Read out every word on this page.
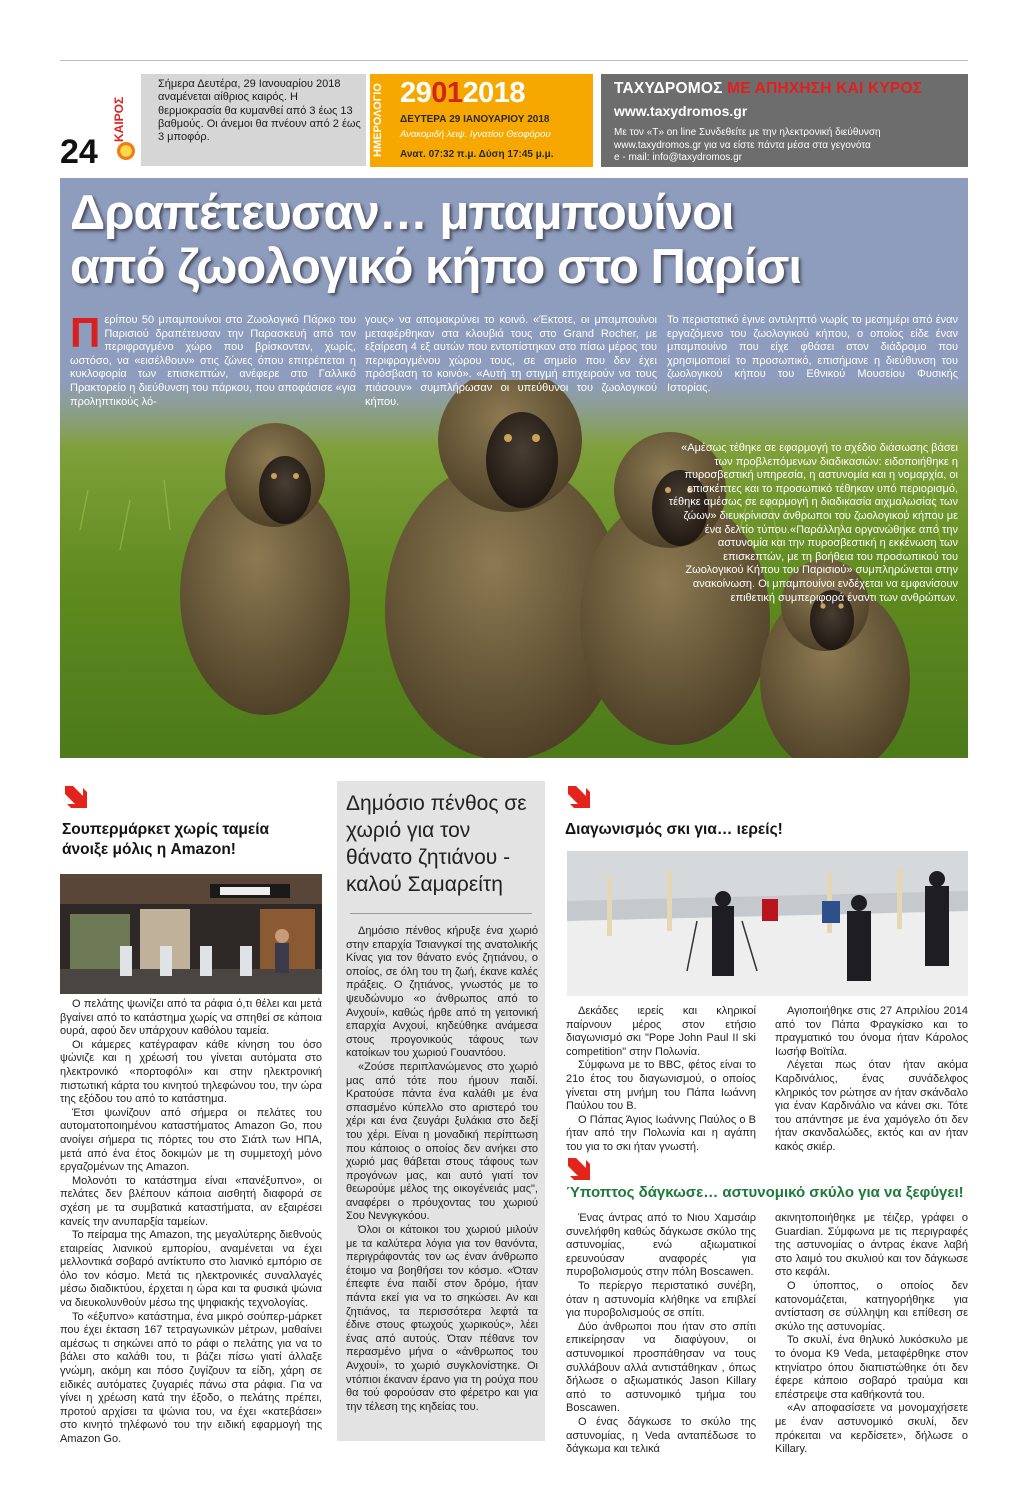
24
ΚΑΙΡΟΣ
Σήμερα Δευτέρα, 29 Ιανουαρίου 2018 αναμένεται αίθριος καιρός. Η θερμοκρασία θα κυμανθεί από 3 έως 13 βαθμούς. Οι άνεμοι θα πνέουν από 2 έως 3 μποφόρ.	ΗΜΕΡΟΛΟΓΙΟ 29012018
ΔΕΥΤΕΡΑ 29 ΙΑΝΟΥΑΡΙΟΥ 2018
Ανακομιδή λειψ. Ιγνατίου Θεοφόρου
Ανατ. 07:32 π.μ. Δύση 17:45 μ.μ.
ΤΑΧΥΔΡΟΜΟΣ ΜΕ ΑΠΗΧΗΣΗ ΚΑΙ ΚΥΡΟΣ
www.taxydromos.gr
Με τον «Τ» on line Συνδεθείτε με την ηλεκτρονική διεύθυνση
www.taxydromos.gr για να είστε πάντα μέσα στα γεγονότα
e - mail: info@taxydromos.gr
Δραπέτευσαν… μπαμπουίνοι
από ζωολογικό κήπο στο Παρίσι
Περίπου 50 μπαμπουίνοι στο Ζωολογικό Πάρκο του Παρισιού δραπέτευσαν την Παρασκευή από τον περιφραγμένο χώρο που βρίσκονταν, χωρίς, ωστόσο, να «εισέλθουν» στις ζώνες όπου επιτρέπεται η κυκλοφορία των επισκεπτών, ανέφερε στο Γαλλικό Πρακτορείο η διεύθυνση του πάρκου, που αποφάσισε «για προληπτικούς λό-
γους» να απομακρύνει το κοινό. «Έκτοτε, οι μπαμπουίνοι μεταφέρθηκαν στα κλουβιά τους στο Grand Rocher, με εξαίρεση 4 εξ αυτών που εντοπίστηκαν στο πίσω μέρος του περιφραγμένου χώρου τους, σε σημείο που δεν έχει πρόσβαση το κοινό». «Αυτή τη στιγμή επιχειρούν να τους πιάσουν» συμπλήρωσαν οι υπεύθυνοι του ζωολογικού κήπου.
Το περιστατικό έγινε αντιληπτό νωρίς το μεσημέρι από έναν εργαζόμενο του ζωολογικού κήπου, ο οποίος είδε έναν μπαμπουίνο που είχε φθάσει στον διάδρομο που χρησιμοποιεί το προσωπικό, επισήμανε η διεύθυνση του ζωολογικού κήπου του Εθνικού Μουσείου Φυσικής Ιστορίας.
«Αμέσως τέθηκε σε εφαρμογή το σχέδιο διάσωσης βάσει των προβλεπόμενων διαδικασιών: ειδοποιήθηκε η πυροσβεστική υπηρεσία, η αστυνομία και η νομαρχία, οι επισκέπτες και το προσωπικό τέθηκαν υπό περιορισμό, τέθηκε αμέσως σε εφαρμογή η διαδικασία αιχμαλωσίας των ζώων» διευκρίνισαν άνθρωποι του ζωολογικού κήπου με ένα δελτίο τύπου.«Παράλληλα οργανώθηκε από την αστυνομία και την πυροσβεστική η εκκένωση των επισκεπτών, με τη βοήθεια του προσωπικού του Ζωολογικού Κήπου του Παρισιού» συμπληρώνεται στην ανακοίνωση. Οι μπαμπουίνοι ενδέχεται να εμφανίσουν επιθετική συμπεριφορά έναντι των ανθρώπων.
Σουπερμάρκετ χωρίς ταμεία άνοιξε μόλις η Amazon!

Ο πελάτης ψωνίζει από τα ράφια ό,τι θέλει και μετά βγαίνει από το κατάστημα χωρίς να σπηθεί σε κάποια ουρά, αφού δεν υπάρχουν καθόλου ταμεία.

Οι κάμερες κατέγραφαν κάθε κίνηση του όσο ψώνιζε και η χρέωσή του γίνεται αυτόματα στο ηλεκτρονικό «πορτοφόλι» και στην ηλεκτρονική πιστωτική κάρτα του κινητού τηλεφώνου του, την ώρα της εξόδου του από το κατάστημα.

Έτσι ψωνίζουν από σήμερα οι πελάτες του αυτοματοποιημένου καταστήματος Amazon Go, που ανοίγει σήμερα τις πόρτες του στο Σιάτλ των ΗΠΑ, μετά από ένα έτος δοκιμών με τη συμμετοχή μόνο εργαζομένων της Amazon.

Μολονότι το κατάστημα είναι «πανέξυπνο», οι πελάτες δεν βλέπουν κάποια αισθητή διαφορά σε σχέση με τα συμβατικά καταστήματα, αν εξαιρέσει κανείς την ανυπαρξία ταμείων.

Το πείραμα της Amazon, της μεγαλύτερης διεθνούς εταιρείας λιανικού εμπορίου, αναμένεται να έχει μελλοντικά σοβαρό αντίκτυπο στο λιανικό εμπόριο σε όλο τον κόσμο. Μετά τις ηλεκτρονικές συναλλαγές μέσω διαδικτύου, έρχεται η ώρα και τα φυσικά ψώνια να διευκολυνθούν μέσω της ψηφιακής τεχνολογίας.

Το «έξυπνο» κατάστημα, ένα μικρό σούπερ-μάρκετ που έχει έκταση 167 τετραγωνικών μέτρων, μαθαίνει αμέσως τι σηκώνει από το ράφι ο πελάτης για να το βάλει στο καλάθι του, τι βάζει πίσω γιατί άλλαξε γνώμη, ακόμη και πόσο ζυγίζουν τα είδη, χάρη σε ειδικές αυτόματες ζυγαριές πάνω στα ράφια. Για να γίνει η χρέωση κατά την έξοδο, ο πελάτης πρέπει, προτού αρχίσει τα ψώνια του, να έχει «κατεβάσει» στο κινητό τηλέφωνό του την ειδική εφαρμογή της Amazon Go.

Δημόσιο πένθος σε χωριό για τον θάνατο ζητιάνου - καλού Σαμαρείτη

Δημόσιο πένθος κήρυξε ένα χωριό στην επαρχία Τσιανγκσί της ανατολικής Κίνας για τον θάνατο ενός ζητιάνου, ο οποίος, σε όλη του τη ζωή, έκανε καλές πράξεις. Ο ζητιάνος, γνωστός με το ψευδώνυμο «ο άνθρωπος από το Ανχουί», καθώς ήρθε από τη γειτονική επαρχία Ανχουί, κηδεύθηκε ανάμεσα στους προγονικούς τάφους των κατοίκων του χωριού Γουαντόου.

«Ζούσε περιπλανώμενος στο χωριό μας από τότε που ήμουν παιδί. Κρατούσε πάντα ένα καλάθι με ένα σπασμένο κύπελλο στο αριστερό του χέρι και ένα ζευγάρι ξυλάκια στο δεξί του χέρι. Είναι η μοναδική περίπτωση που κάποιος ο οποίος δεν ανήκει στο χωριό μας θάβεται στους τάφους των προγόνων μας, και αυτό γιατί τον θεωρούμε μέλος της οικογένειάς μας", αναφέρει ο πρόυχοντας του χωριού Σου Νενγκγκόου.

Όλοι οι κάτοικοι του χωριού μιλούν με τα καλύτερα λόγια για τον θανόντα, περιγράφοντάς τον ως έναν άνθρωπο έτοιμο να βοηθήσει τον κόσμο. «Όταν έπεφτε ένα παιδί στον δρόμο, ήταν πάντα εκεί για να το σηκώσει. Αν και ζητιάνος, τα περισσότερα λεφτά τα έδινε στους φτωχούς χωρικούς», λέει ένας από αυτούς. Όταν πέθανε τον περασμένο μήνα ο «άνθρωπος του Ανχουί», το χωριό συγκλονίστηκε. Οι ντόπιοι έκαναν έρανο για τη ρούχα που θα τού φορούσαν στο φέρετρο και για την τέλεση της κηδείας του.

Διαγωνισμός σκι για… ιερείς!

Δεκάδες ιερείς και κληρικοί παίρνουν μέρος στον ετήσιο διαγωνισμό σκι "Pope John Paul II ski competition" στην Πολωνία.

Σύμφωνα με το BBC, φέτος είναι το 21ο έτος του διαγωνισμού, ο οποίος γίνεται στη μνήμη του Πάπα Ιωάννη Παύλου του Β.

Ο Πάπας Άγιος Ιωάννης Παύλος ο Β ήταν από την Πολωνία και η αγάπη του για το σκι ήταν γνωστή.

Αγιοποιήθηκε στις 27 Απριλίου 2014 από τον Πάπα Φραγκίσκο και το πραγματικό του όνομα ήταν Κάρολος Ιωσήφ Βοϊτίλα.

Λέγεται πως όταν ήταν ακόμα Καρδινάλιος, ένας συνάδελφος κληρικός τον ρώτησε αν ήταν σκάνδαλο για έναν Καρδινάλιο να κάνει σκι. Τότε του απάντησε με ένα χαμόγελο ότι δεν ήταν σκανδαλώδες, εκτός και αν ήταν κακός σκιέρ.

Ύποπτος δάγκωσε… αστυνομικό σκύλο για να ξεφύγει!

Ένας άντρας από το Νιου Χαμσάιρ συνελήφθη καθώς δάγκωσε σκύλο της αστυνομίας, ενώ αξιωματικοί ερευνούσαν αναφορές για πυροβολισμούς στην πόλη Boscawen.

Το περίεργο περιστατικό συνέβη, όταν η αστυνομία κλήθηκε να επιβλεί για πυροβολισμούς σε σπίτι.

Δύο άνθρωποι που ήταν στο σπίτι επικείρησαν να διαφύγουν, οι αστυνομικοί προσπάθησαν να τους συλλάβουν αλλά αντιστάθηκαν , όπως δήλωσε ο αξιωματικός Jason Killary από το αστυνομικό τμήμα του Boscawen.

Ο ένας δάγκωσε το σκύλο της αστυνομίας, η Veda ανταπέδωσε το δάγκωμα και τελικά

ακινητοποιήθηκε με τέιζερ, γράφει ο Guardian. Σύμφωνα με τις περιγραφές της αστυνομίας ο άντρας έκανε λαβή στο λαιμό του σκυλιού και τον δάγκωσε στο κεφάλι.

Ο ύποπτος, ο οποίος δεν κατονομάζεται, κατηγορήθηκε για αντίσταση σε σύλληψη και επίθεση σε σκύλο της αστυνομίας.

Το σκυλί, ένα θηλυκό λυκόσκυλο με το όνομα K9 Veda, μεταφέρθηκε στον κτηνίατρο όπου διαπιστώθηκε ότι δεν έφερε κάποιο σοβαρό τραύμα και επέστρεψε στα καθήκοντά του.

«Αν αποφασίσετε να μονομαχήσετε με έναν αστυνομικό σκυλί, δεν πρόκειται να κερδίσετε», δήλωσε ο Killary.
